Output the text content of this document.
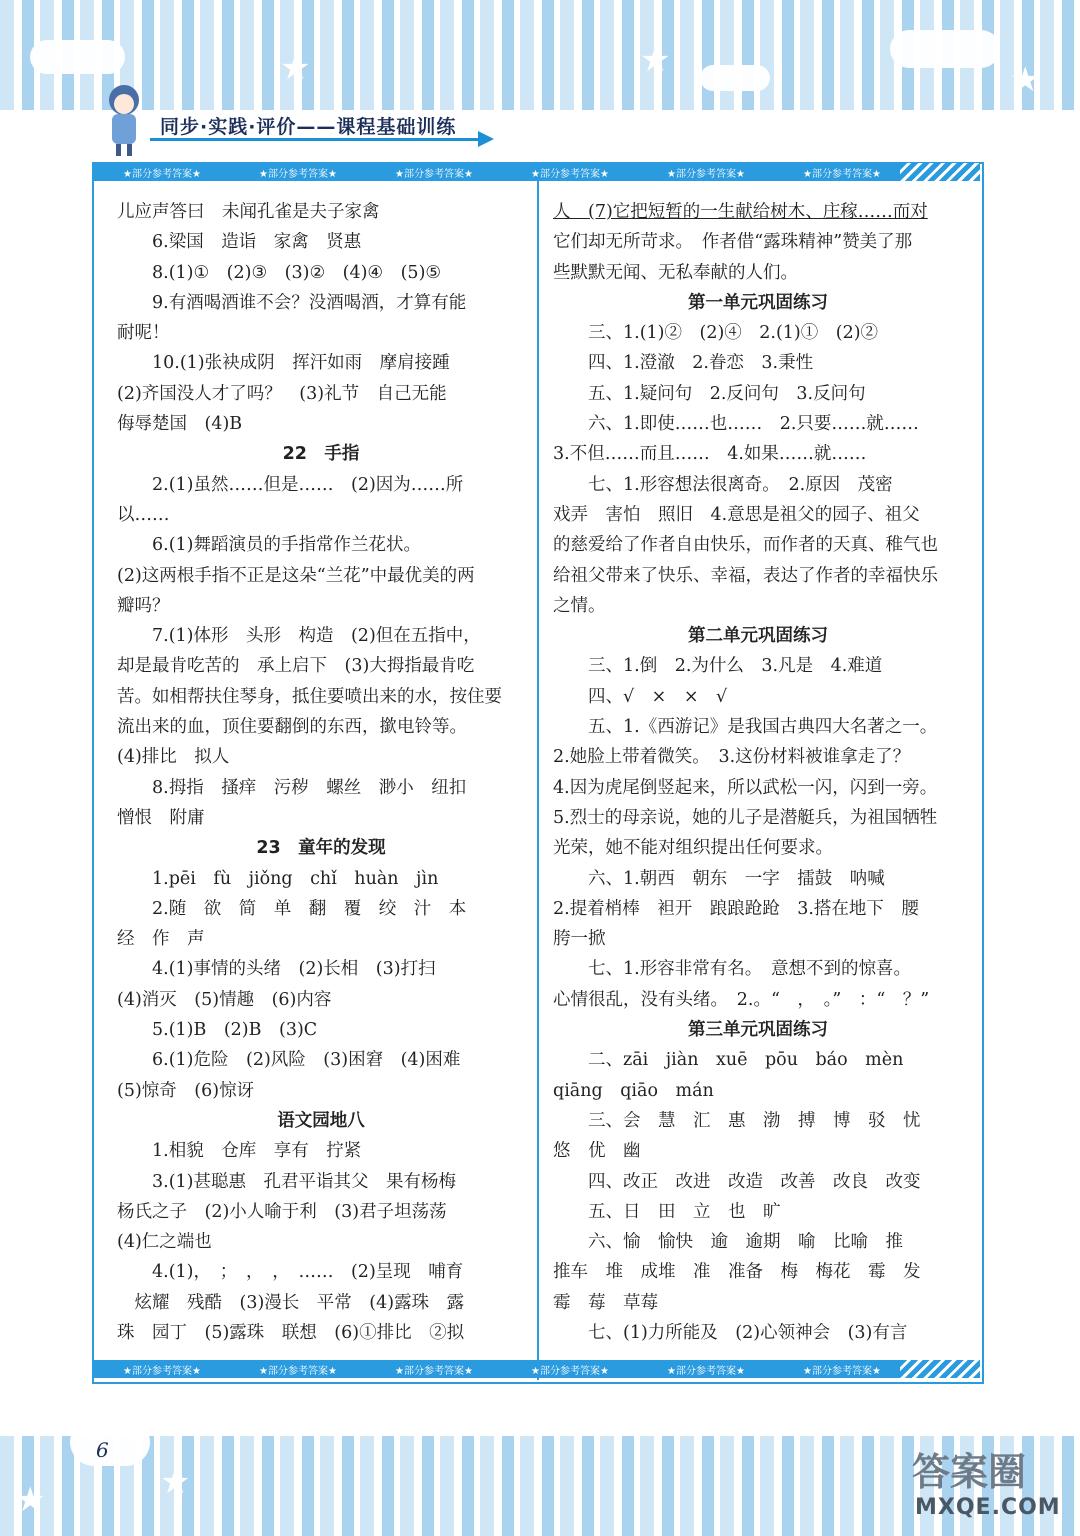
★	★	★
同步·实践·评价——课程基础训练
★部分参考答案★	★部分参考答案★	★部分参考答案★	★部分参考答案★	★部分参考答案★	★部分参考答案★
★部分参考答案★	★部分参考答案★	★部分参考答案★	★部分参考答案★	★部分参考答案★	★部分参考答案★

儿应声答曰　未闻孔雀是夫子家禽

6.梁国　造诣　家禽　贤惠

8.(1)①　(2)③　(3)②　(4)④　(5)⑤

9.有酒喝酒谁不会？没酒喝酒，才算有能

耐呢！

10.(1)张袂成阴　挥汗如雨　摩肩接踵

(2)齐国没人才了吗？　(3)礼节　自己无能

侮辱楚国　(4)B

22　手指

2.(1)虽然……但是……　(2)因为……所

以……

6.(1)舞蹈演员的手指常作兰花状。

(2)这两根手指不正是这朵“兰花”中最优美的两

瓣吗？

7.(1)体形　头形　构造　(2)但在五指中，

却是最肯吃苦的　承上启下　(3)大拇指最肯吃

苦。如相帮扶住琴身，抵住要喷出来的水，按住要

流出来的血，顶住要翻倒的东西，撳电铃等。

(4)排比　拟人

8.拇指　搔痒　污秽　螺丝　渺小　纽扣

憎恨　附庸

23　童年的发现

1.pēi　fù　jiǒng　chǐ　huàn　jìn

2.随　欲　简　单　翻　覆　绞　汁　本

经　作　声

4.(1)事情的头绪　(2)长相　(3)打扫

(4)消灭　(5)情趣　(6)内容

5.(1)B　(2)B　(3)C

6.(1)危险　(2)风险　(3)困窘　(4)困难

(5)惊奇　(6)惊讶

语文园地八

1.相貌　仓库　享有　拧紧

3.(1)甚聪惠　孔君平诣其父　果有杨梅

杨氏之子　(2)小人喻于利　(3)君子坦荡荡

(4)仁之端也

4.(1)，　；　，　，　……　(2)呈现　哺育

　炫耀　残酷　(3)漫长　平常　(4)露珠　露

珠　园丁　(5)露珠　联想　(6)①排比　②拟

人　(7)它把短暂的一生献给树木、庄稼……而对

它们却无所苛求。　作者借“露珠精神”赞美了那

些默默无闻、无私奉献的人们。

第一单元巩固练习

三、1.(1)②　(2)④　2.(1)①　(2)②

四、1.澄澈　2.眷恋　3.秉性

五、1.疑问句　2.反问句　3.反问句

六、1.即使……也……　2.只要……就……

3.不但……而且……　4.如果……就……

七、1.形容想法很离奇。　2.原因　茂密

戏弄　害怕　照旧　4.意思是祖父的园子、祖父

的慈爱给了作者自由快乐，而作者的天真、稚气也

给祖父带来了快乐、幸福，表达了作者的幸福快乐

之情。

第二单元巩固练习

三、1.倒　2.为什么　3.凡是　4.难道

四、√　×　×　√

五、1.《西游记》是我国古典四大名著之一。

2.她脸上带着微笑。　3.这份材料被谁拿走了？

4.因为虎尾倒竖起来，所以武松一闪，闪到一旁。

5.烈士的母亲说，她的儿子是潜艇兵，为祖国牺牲

光荣，她不能对组织提出任何要求。

六、1.朝西　朝东　一字　擂鼓　呐喊

2.提着梢棒　袒开　踉踉跄跄　3.搭在地下　腰

胯一掀

七、1.形容非常有名。　意想不到的惊喜。

心情很乱，没有头绪。　2.。“　，　。”　：“　？”

第三单元巩固练习

二、zāi　jiàn　xuē　pōu　báo　mèn

qiāng　qiāo　mán

三、会　慧　汇　惠　渤　搏　博　驳　忧

悠　优　幽

四、改正　改进　改造　改善　改良　改变

五、日　田　立　也　旷

六、愉　愉快　逾　逾期　喻　比喻　推

推车　堆　成堆　准　准备　梅　梅花　霉　发

霉　莓　草莓

七、(1)力所能及　(2)心领神会　(3)有言

★
★
6	答案圈
MXQE.COM
